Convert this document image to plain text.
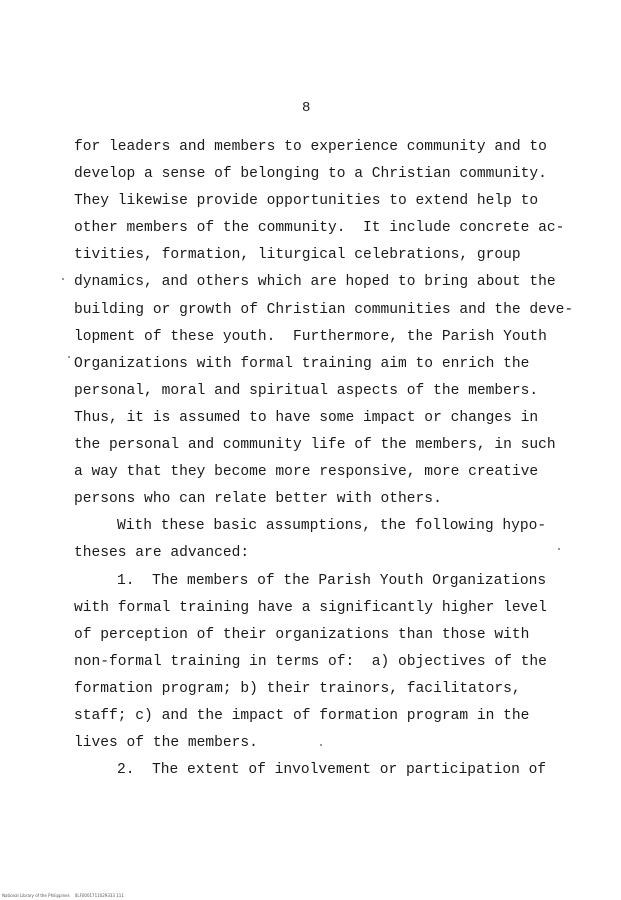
8
for leaders and members to experience community and to
develop a sense of belonging to a Christian community.
They likewise provide opportunities to extend help to
other members of the community.  It include concrete ac-
tivities, formation, liturgical celebrations, group
dynamics, and others which are hoped to bring about the
building or growth of Christian communities and the deve-
lopment of these youth.  Furthermore, the Parish Youth
Organizations with formal training aim to enrich the
personal, moral and spiritual aspects of the members.
Thus, it is assumed to have some impact or changes in
the personal and community life of the members, in such
a way that they become more responsive, more creative
persons who can relate better with others.
With these basic assumptions, the following hypo-
theses are advanced:
1.  The members of the Parish Youth Organizations
with formal training have a significantly higher level
of perception of their organizations than those with
non-formal training in terms of:  a) objectives of the
formation program; b) their trainors, facilitators,
staff; c) and the impact of formation program in the
lives of the members.
2.  The extent of involvement or participation of
National Library of the Philippines    0LF0001711029333 111
